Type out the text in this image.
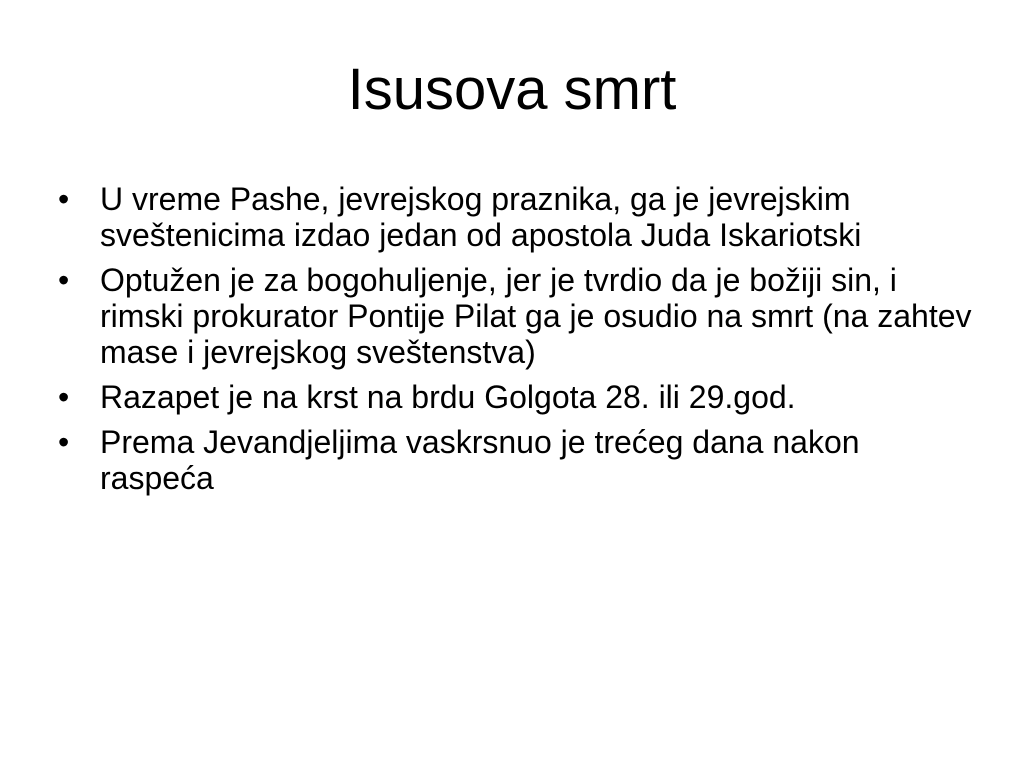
Isusova smrt
• U vreme Pashe, jevrejskog praznika, ga je jevrejskim sveštenicima izdao jedan od apostola Juda Iskariotski
• Optužen je za bogohuljenje, jer je tvrdio da je božiji sin, i rimski prokurator Pontije Pilat ga je osudio na smrt (na zahtev mase i jevrejskog sveštenstva)
• Razapet je na krst na brdu Golgota 28. ili 29.god.
• Prema Jevandjeljima vaskrsnuo je trećeg dana nakon raspeća
